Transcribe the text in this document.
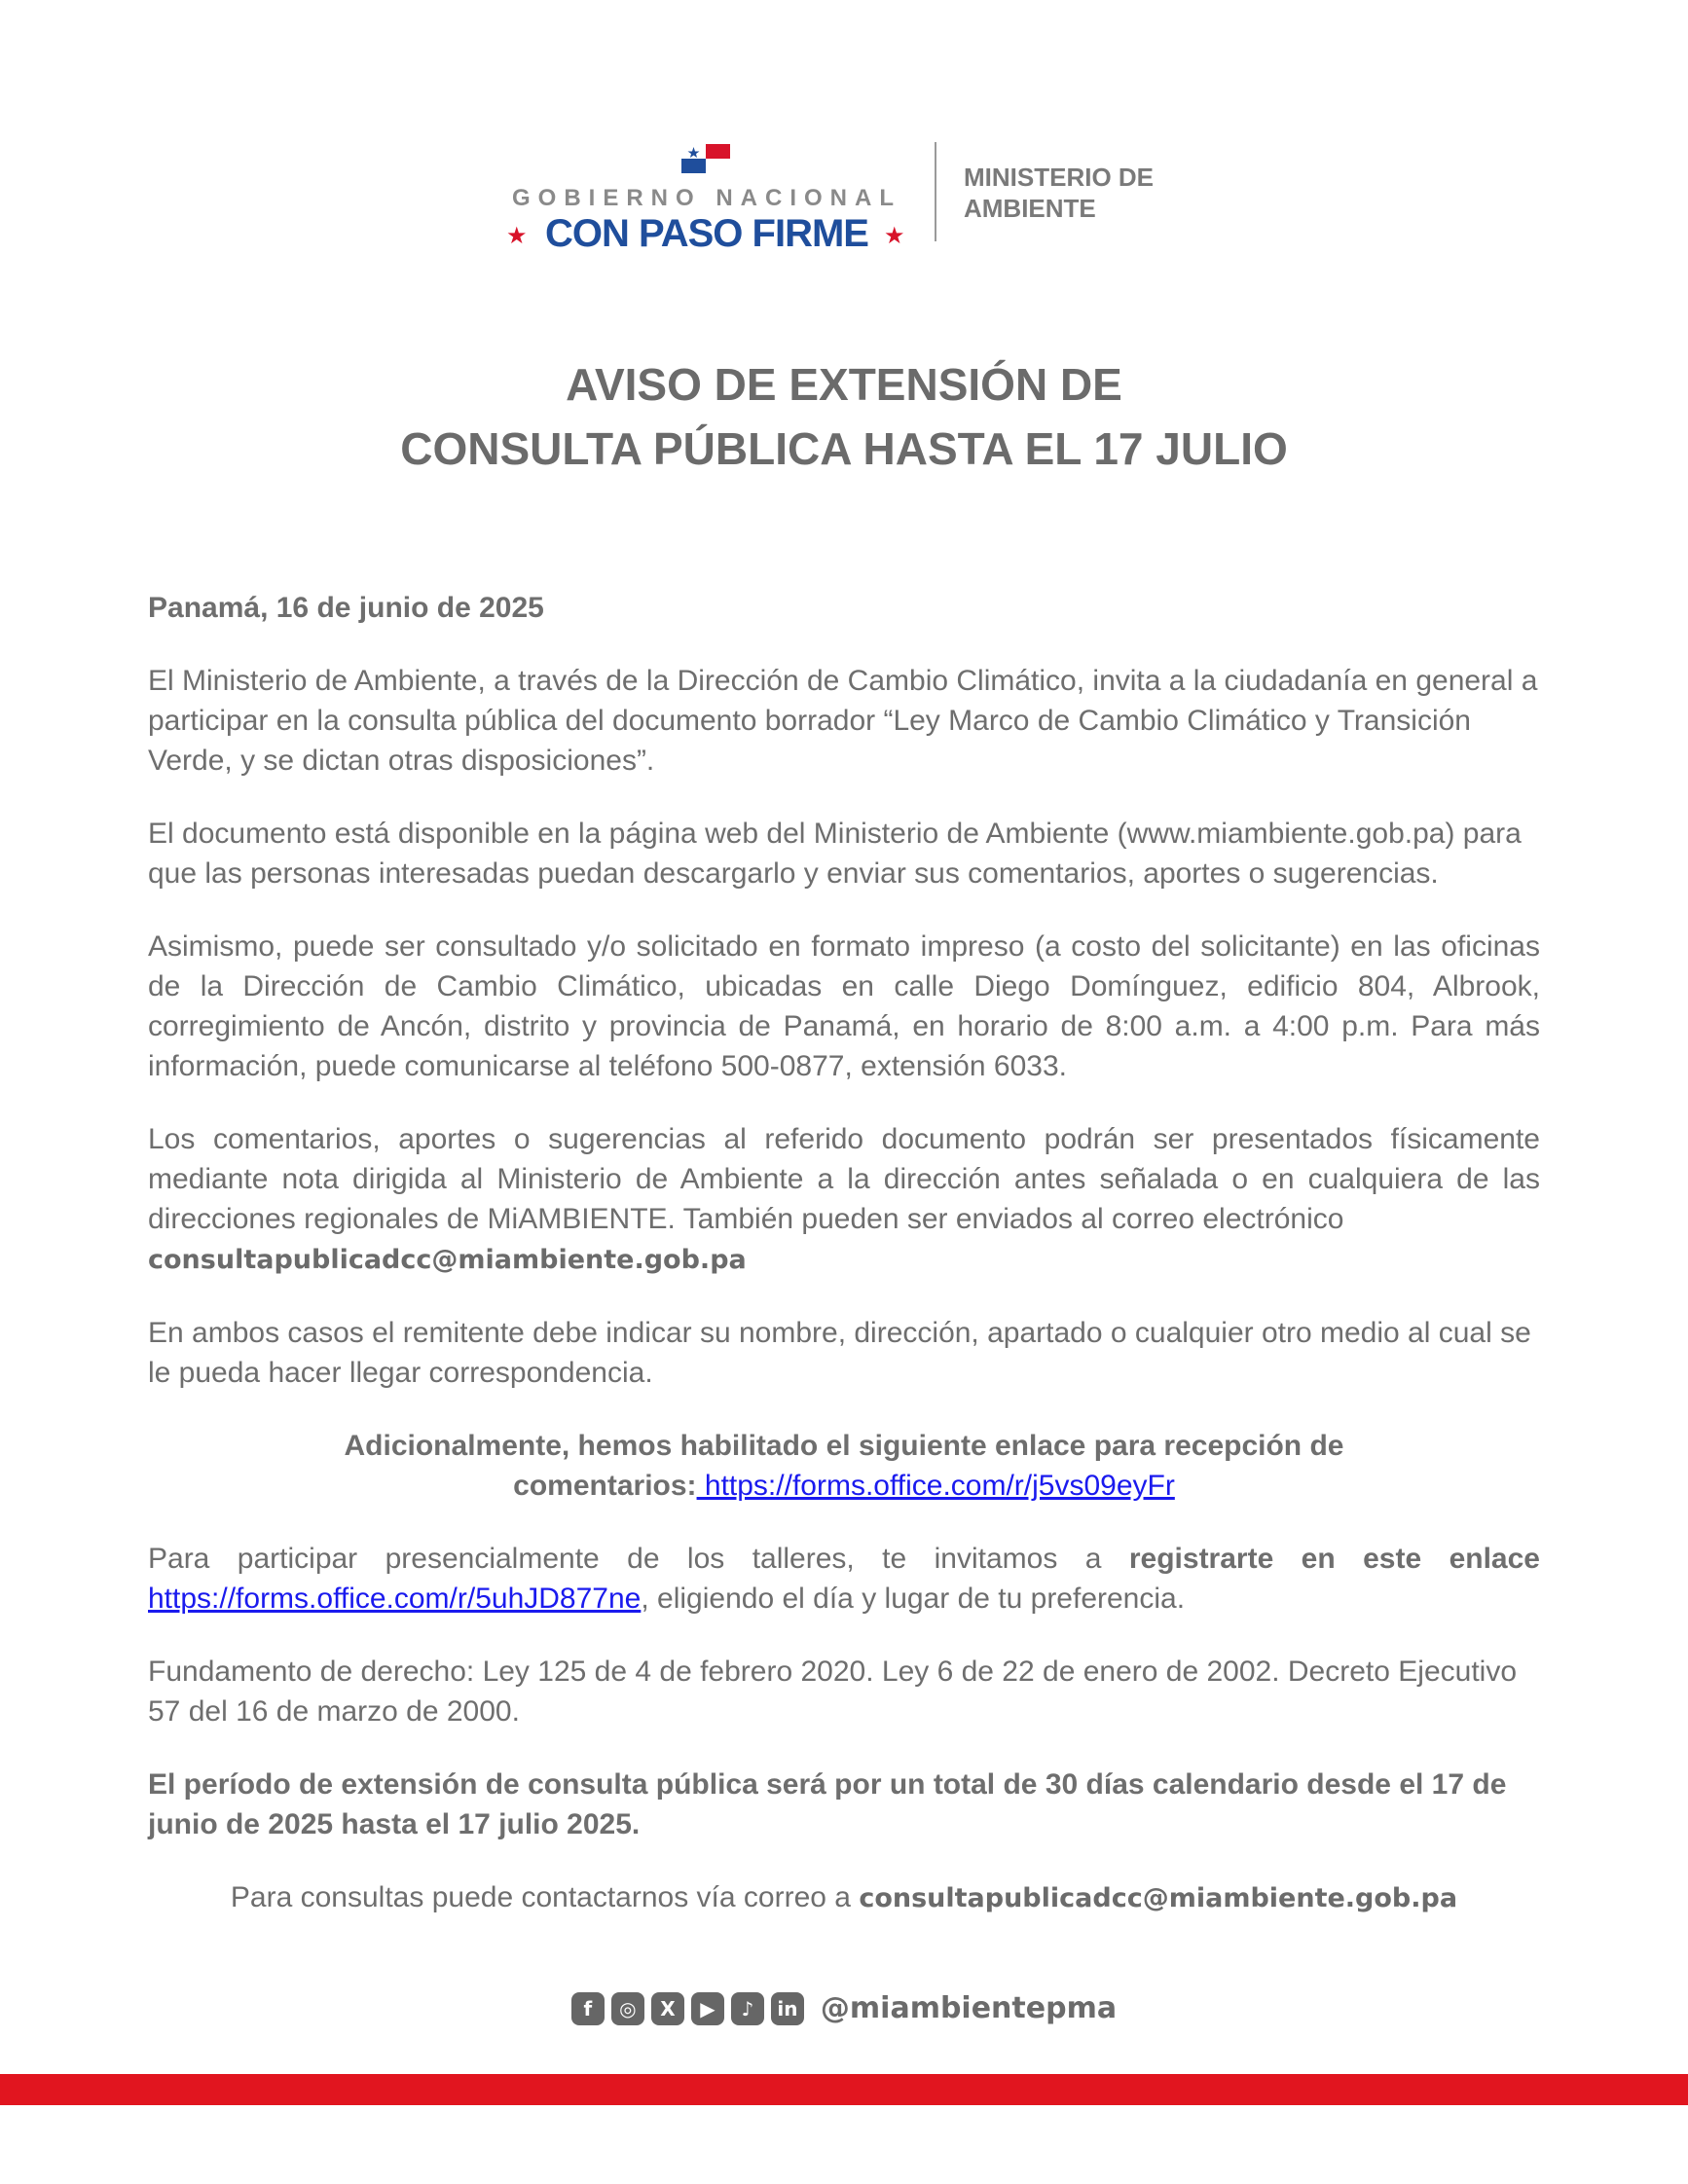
GOBIERNO NACIONAL
★ CON PASO FIRME ★
MINISTERIO DE
AMBIENTE
AVISO DE EXTENSIÓN DE
CONSULTA PÚBLICA HASTA EL 17 JULIO

Panamá, 16 de junio de 2025

El Ministerio de Ambiente, a través de la Dirección de Cambio Climático, invita a la ciudadanía en general a participar en la consulta pública del documento borrador “Ley Marco de Cambio Climático y Transición Verde, y se dictan otras disposiciones”.

El documento está disponible en la página web del Ministerio de Ambiente (www.miambiente.gob.pa) para que las personas interesadas puedan descargarlo y enviar sus comentarios, aportes o sugerencias.

Asimismo, puede ser consultado y/o solicitado en formato impreso (a costo del solicitante) en las oficinas de la Dirección de Cambio Climático, ubicadas en calle Diego Domínguez, edificio 804, Albrook, corregimiento de Ancón, distrito y provincia de Panamá, en horario de 8:00 a.m. a 4:00 p.m. Para más información, puede comunicarse al teléfono 500-0877, extensión 6033.

Los comentarios, aportes o sugerencias al referido documento podrán ser presentados físicamente mediante nota dirigida al Ministerio de Ambiente a la dirección antes señalada o en cualquiera de las direcciones regionales de MiAMBIENTE. También pueden ser enviados al correo electrónico
consultapublicadcc@miambiente.gob.pa

En ambos casos el remitente debe indicar su nombre, dirección, apartado o cualquier otro medio al cual se le pueda hacer llegar correspondencia.

Adicionalmente, hemos habilitado el siguiente enlace para recepción de
comentarios: https://forms.office.com/r/j5vs09eyFr

Para participar presencialmente de los talleres, te invitamos a registrarte en este enlace https://forms.office.com/r/5uhJD877ne, eligiendo el día y lugar de tu preferencia.

Fundamento de derecho: Ley 125 de 4 de febrero 2020. Ley 6 de 22 de enero de 2002. Decreto Ejecutivo 57 del 16 de marzo de 2000.

El período de extensión de consulta pública será por un total de 30 días calendario desde el 17 de junio de 2025 hasta el 17 julio 2025.

Para consultas puede contactarnos vía correo a consultapublicadcc@miambiente.gob.pa

f	◎	X	▶	♪	in @miambientepma
